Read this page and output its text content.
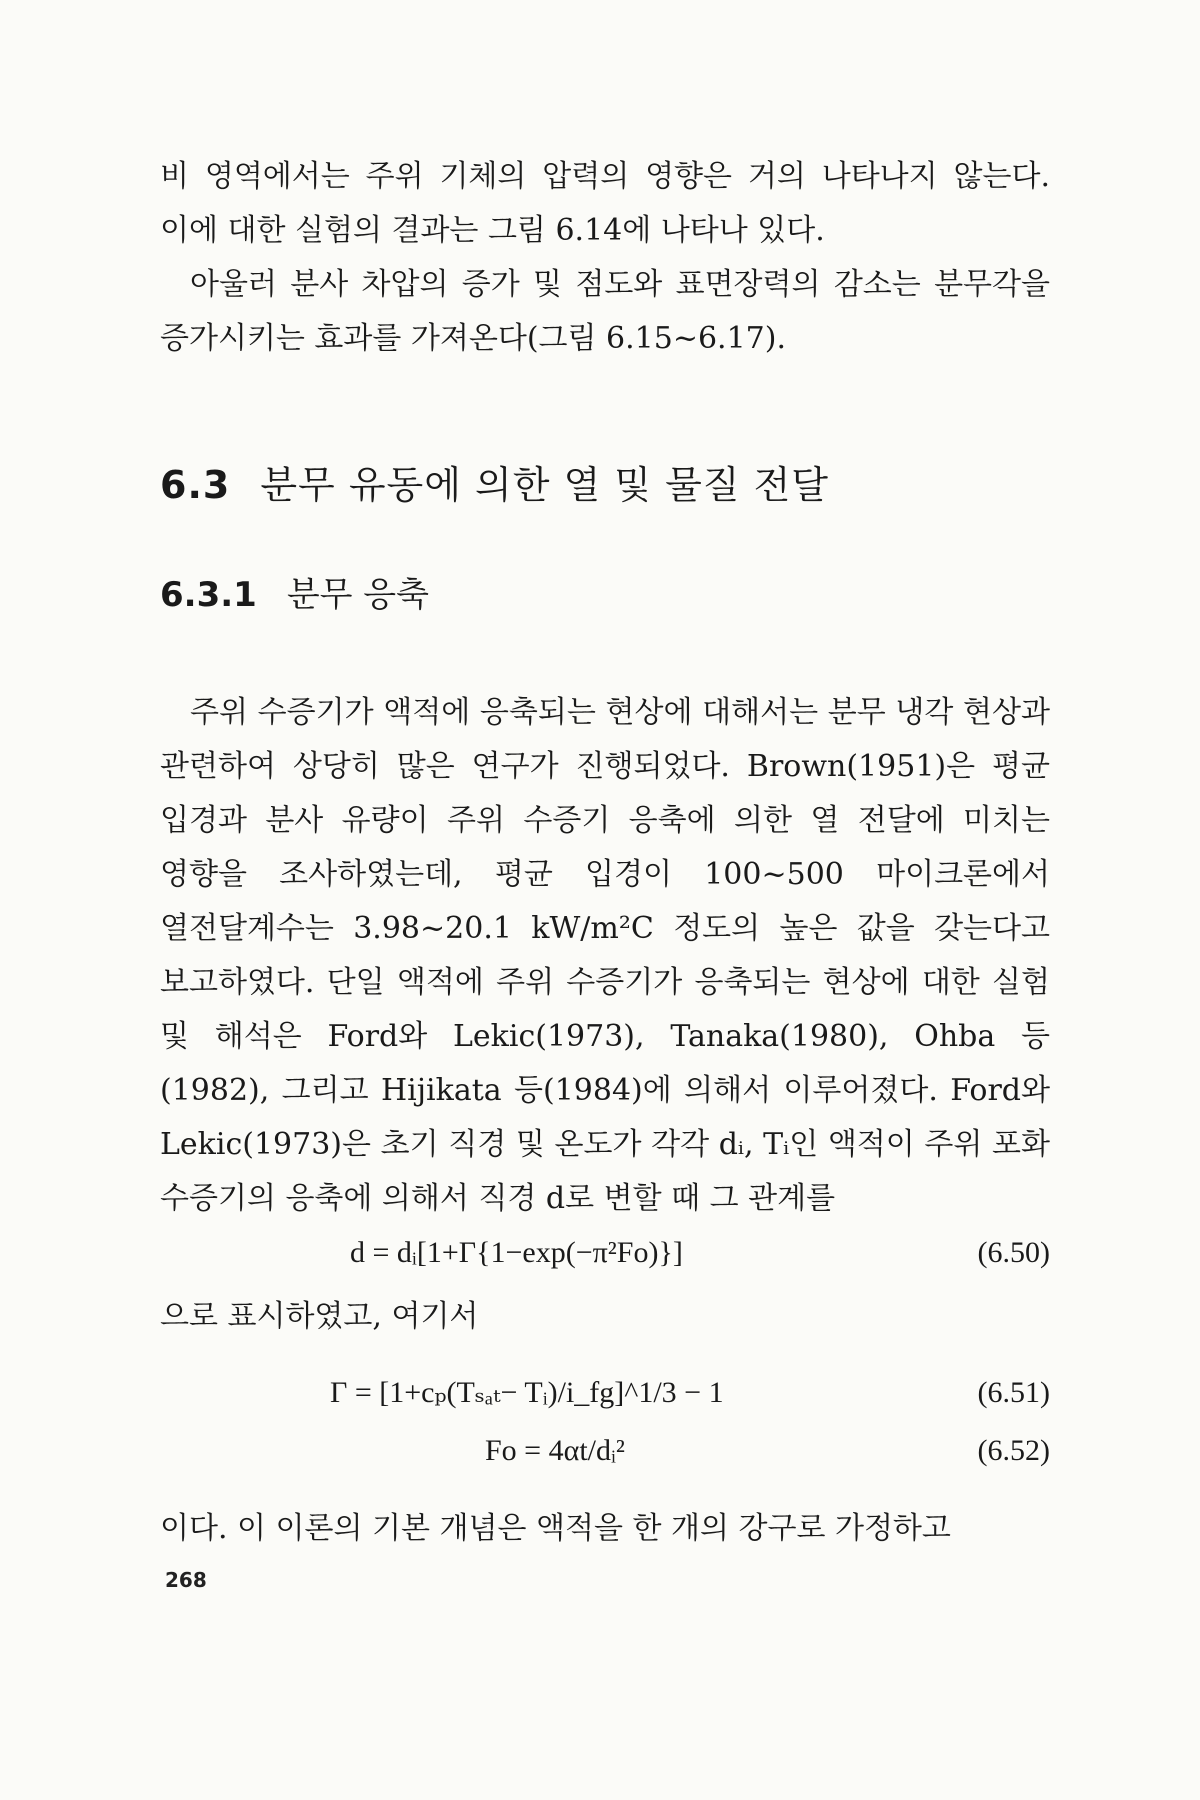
비 영역에서는 주위 기체의 압력의 영향은 거의 나타나지 않는다. 이에 대한 실험의 결과는 그림 6.14에 나타나 있다.

아울러 분사 차압의 증가 및 점도와 표면장력의 감소는 분무각을 증가시키는 효과를 가져온다(그림 6.15~6.17).

6.3 분무 유동에 의한 열 및 물질 전달
6.3.1 분무 응축

주위 수증기가 액적에 응축되는 현상에 대해서는 분무 냉각 현상과 관련하여 상당히 많은 연구가 진행되었다. Brown(1951)은 평균 입경과 분사 유량이 주위 수증기 응축에 의한 열 전달에 미치는 영향을 조사하였는데, 평균 입경이 100~500 마이크론에서 열전달계수는 3.98~20.1 kW/m²C 정도의 높은 값을 갖는다고 보고하였다. 단일 액적에 주위 수증기가 응축되는 현상에 대한 실험 및 해석은 Ford와 Lekic(1973), Tanaka(1980), Ohba 등(1982), 그리고 Hijikata 등(1984)에 의해서 이루어졌다. Ford와 Lekic(1973)은 초기 직경 및 온도가 각각 dᵢ, Tᵢ인 액적이 주위 포화 수증기의 응축에 의해서 직경 d로 변할 때 그 관계를

d = dᵢ[1+Γ{1−exp(−π²Fo)}]	(6.50)

으로 표시하였고, 여기서

Γ = [1+cₚ(Tₛₐₜ− Tᵢ)/i_fg]^1/3 − 1	(6.51)
Fo = 4αt/dᵢ²	(6.52)

이다. 이 이론의 기본 개념은 액적을 한 개의 강구로 가정하고

268
